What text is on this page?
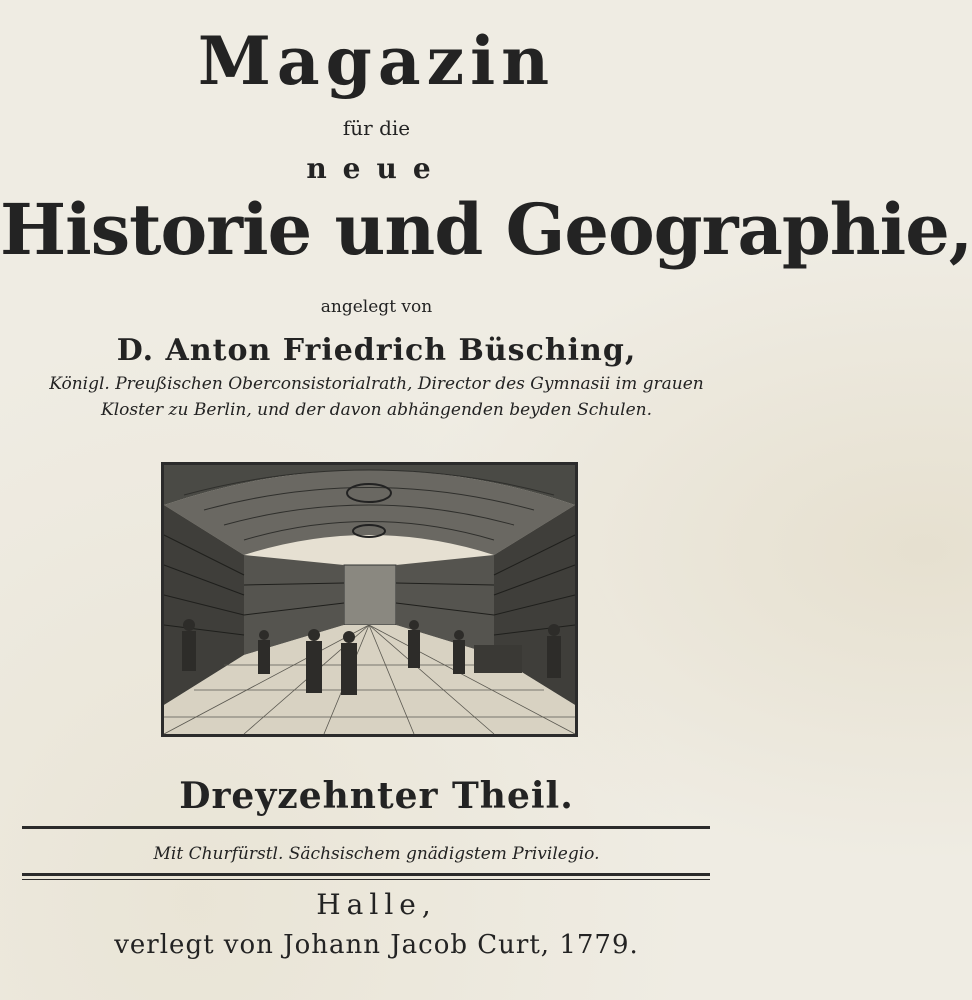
Magazin
für die
neue
Historie und Geographie,
angelegt von
D. Anton Friedrich Büsching,
Königl. Preußischen Oberconsistorialrath, Director des Gymnasii im grauen
Kloster zu Berlin, und der davon abhängenden beyden Schulen.
Dreyzehnter Theil.
Mit Churfürstl. Sächsischem gnädigstem Privilegio.
Halle,
verlegt von Johann Jacob Curt, 1779.
